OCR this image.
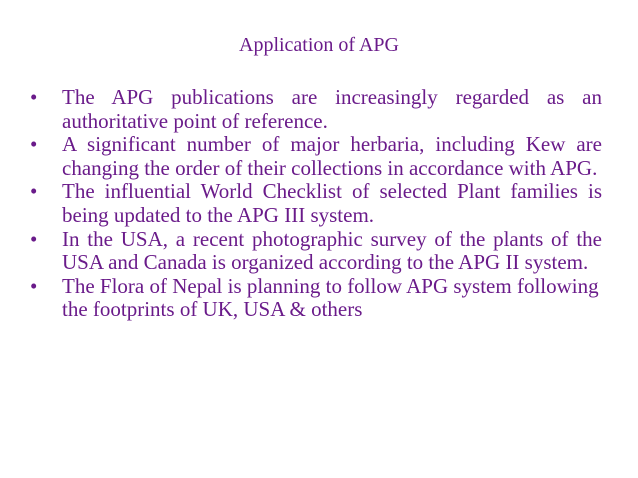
Application of APG
• The APG publications are increasingly regarded as an authoritative point of reference.
• A significant number of major herbaria, including Kew are changing the order of their collections in accordance with APG.
• The influential World Checklist of selected Plant families is being updated to the APG III system.
• In the USA, a recent photographic survey of the plants of the USA and Canada is organized according to the APG II system.
• The Flora of Nepal is planning to follow APG system following the footprints of UK, USA & others
